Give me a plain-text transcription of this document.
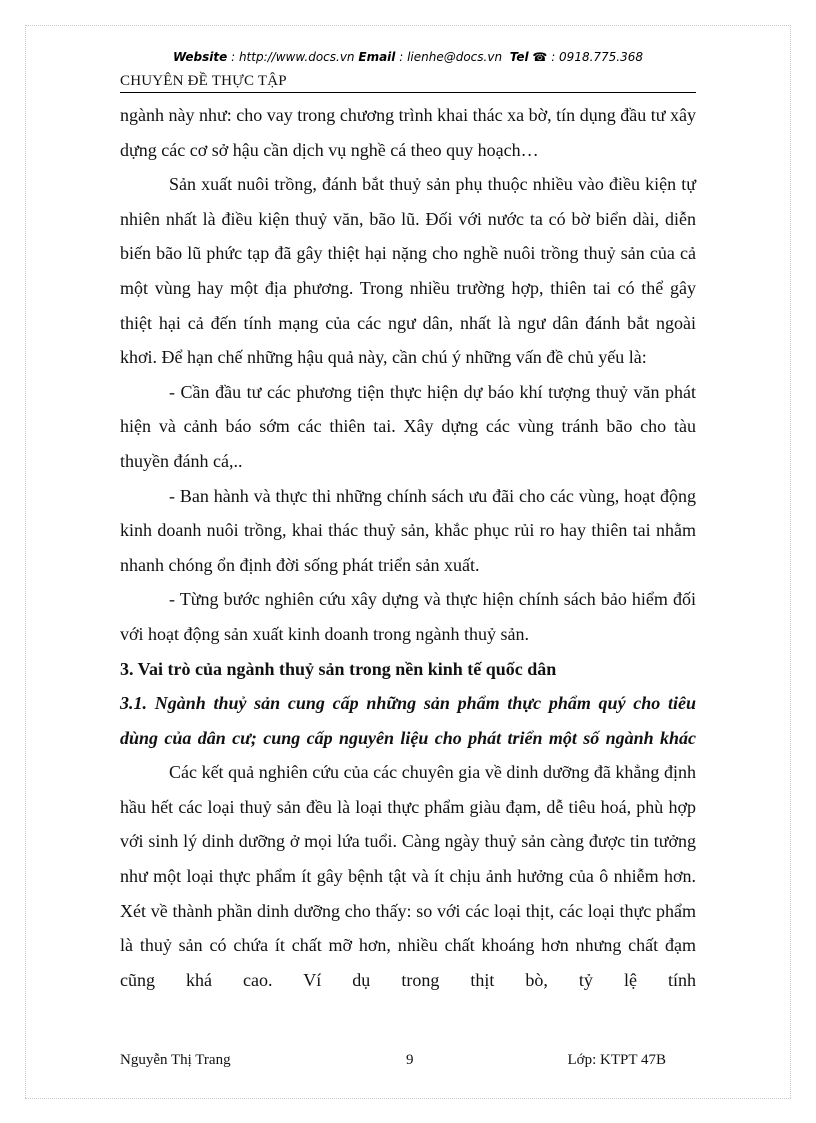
Website : http://www.docs.vn Email : lienhe@docs.vn Tel ☎ : 0918.775.368
CHUYÊN ĐỀ THỰC TẬP

ngành này như: cho vay trong chương trình khai thác xa bờ, tín dụng đầu tư xây dựng các cơ sở hậu cần dịch vụ nghề cá theo quy hoạch…

Sản xuất nuôi trồng, đánh bắt thuỷ sản phụ thuộc nhiều vào điều kiện tự nhiên nhất là điều kiện thuỷ văn, bão lũ. Đối với nước ta có bờ biển dài, diễn biến bão lũ phức tạp đã gây thiệt hại nặng cho nghề nuôi trồng thuỷ sản của cả một vùng hay một địa phương. Trong nhiều trường hợp, thiên tai có thể gây thiệt hại cả đến tính mạng của các ngư dân, nhất là ngư dân đánh bắt ngoài khơi. Để hạn chế những hậu quả này, cần chú ý những vấn đề chủ yếu là:

- Cần đầu tư các phương tiện thực hiện dự báo khí tượng thuỷ văn phát hiện và cảnh báo sớm các thiên tai. Xây dựng các vùng tránh bão cho tàu thuyền đánh cá,..

- Ban hành và thực thi những chính sách ưu đãi cho các vùng, hoạt động kinh doanh nuôi trồng, khai thác thuỷ sản, khắc phục rủi ro hay thiên tai nhằm nhanh chóng ổn định đời sống phát triển sản xuất.

- Từng bước nghiên cứu xây dựng và thực hiện chính sách bảo hiểm đối với hoạt động sản xuất kinh doanh trong ngành thuỷ sản.

3. Vai trò của ngành thuỷ sản trong nền kinh tế quốc dân

3.1. Ngành thuỷ sản cung cấp những sản phẩm thực phẩm quý cho tiêu dùng của dân cư; cung cấp nguyên liệu cho phát triển một số ngành khác

Các kết quả nghiên cứu của các chuyên gia về dinh dưỡng đã khẳng định hầu hết các loại thuỷ sản đều là loại thực phẩm giàu đạm, dễ tiêu hoá, phù hợp với sinh lý dinh dưỡng ở mọi lứa tuổi. Càng ngày thuỷ sản càng được tin tưởng như một loại thực phẩm ít gây bệnh tật và ít chịu ảnh hưởng của ô nhiễm hơn. Xét về thành phần dinh dưỡng cho thấy: so với các loại thịt, các loại thực phẩm là thuỷ sản có chứa ít chất mỡ hơn, nhiều chất khoáng hơn nhưng chất đạm cũng khá cao. Ví dụ trong thịt bò, tỷ lệ tính

Nguyễn Thị Trang	9	Lớp: KTPT 47B
